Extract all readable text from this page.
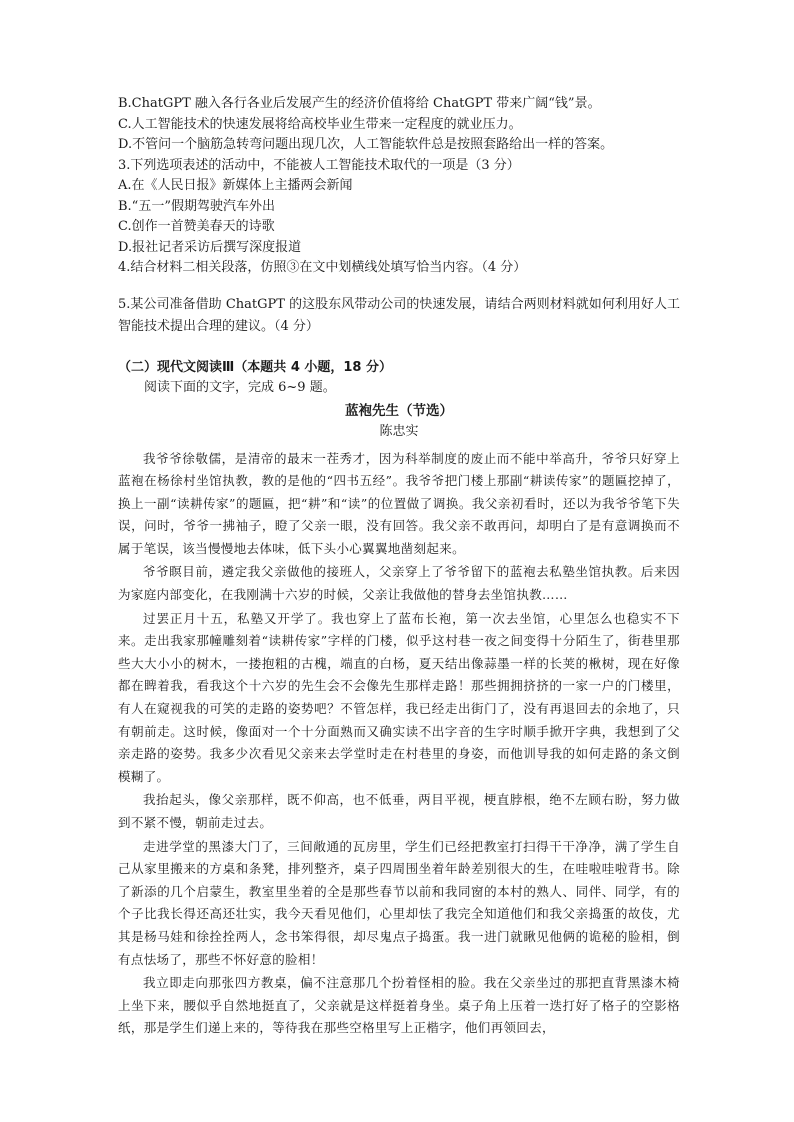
B.ChatGPT 融入各行各业后发展产生的经济价值将给 ChatGPT 带来广阔“钱”景。

C.人工智能技术的快速发展将给高校毕业生带来一定程度的就业压力。

D.不管问一个脑筋急转弯问题出现几次，人工智能软件总是按照套路给出一样的答案。

3.下列选项表述的活动中，不能被人工智能技术取代的一项是（3 分）

A.在《人民日报》新媒体上主播两会新闻

B.“五一”假期驾驶汽车外出

C.创作一首赞美春天的诗歌

D.报社记者采访后撰写深度报道

4.结合材料二相关段落，仿照③在文中划横线处填写恰当内容。（4 分）

5.某公司准备借助 ChatGPT 的这股东风带动公司的快速发展，请结合两则材料就如何利用好人工智能技术提出合理的建议。（4 分）

（二）现代文阅读Ⅲ（本题共 4 小题，18 分）

阅读下面的文字，完成 6~9 题。

蓝袍先生（节选）
陈忠实

我爷爷徐敬儒，是清帝的最末一茬秀才，因为科举制度的废止而不能中举高升，爷爷只好穿上蓝袍在杨徐村坐馆执教，教的是他的“四书五经”。我爷爷把门楼上那副“耕读传家”的题匾挖掉了，换上一副“读耕传家”的题匾，把“耕”和“读”的位置做了调换。我父亲初看时，还以为我爷爷笔下失误，问时，爷爷一拂袖子，瞪了父亲一眼，没有回答。我父亲不敢再问，却明白了是有意调换而不属于笔误，该当慢慢地去体味，低下头小心翼翼地凿刻起来。

爷爷瞑目前，遴定我父亲做他的接班人，父亲穿上了爷爷留下的蓝袍去私塾坐馆执教。后来因为家庭内部变化，在我刚满十六岁的时候，父亲让我做他的替身去坐馆执教……

过罢正月十五，私塾又开学了。我也穿上了蓝布长袍，第一次去坐馆，心里怎么也稳实不下来。走出我家那幢雕刻着“读耕传家”字样的门楼，似乎这村巷一夜之间变得十分陌生了，街巷里那些大大小小的树木，一搂抱粗的古槐，端直的白杨，夏天结出像蒜墨一样的长荚的楸树，现在好像都在睥着我，看我这个十六岁的先生会不会像先生那样走路！那些拥拥挤挤的一家一户的门楼里，有人在窥视我的可笑的走路的姿势吧？不管怎样，我已经走出街门了，没有再退回去的余地了，只有朝前走。这时候，像面对一个十分面熟而又确实读不出字音的生字时顺手掀开字典，我想到了父亲走路的姿势。我多少次看见父亲来去学堂时走在村巷里的身姿，而他训导我的如何走路的条文倒模糊了。

我抬起头，像父亲那样，既不仰高，也不低垂，两目平视，梗直脖根，绝不左顾右盼，努力做到不紧不慢，朝前走过去。

走进学堂的黑漆大门了，三间敞通的瓦房里，学生们已经把教室打扫得干干净净，满了学生自己从家里搬来的方桌和条凳，排列整齐，桌子四周围坐着年龄差别很大的生，在哇啦哇啦背书。除了新添的几个启蒙生，教室里坐着的全是那些春节以前和我同窗的本村的熟人、同伴、同学，有的个子比我长得还高还壮实，我今天看见他们，心里却怯了我完全知道他们和我父亲捣蛋的故伎，尤其是杨马娃和徐拴拴两人，念书笨得很，却尽鬼点子捣蛋。我一进门就瞅见他俩的诡秘的脸相，倒有点怯场了，那些不怀好意的脸相！

我立即走向那张四方教桌，偏不注意那几个扮着怪相的脸。我在父亲坐过的那把直背黑漆木椅上坐下来，腰似乎自然地挺直了，父亲就是这样挺着身坐。桌子角上压着一迭打好了格子的空影格纸，那是学生们递上来的，等待我在那些空格里写上正楷字，他们再领回去，
